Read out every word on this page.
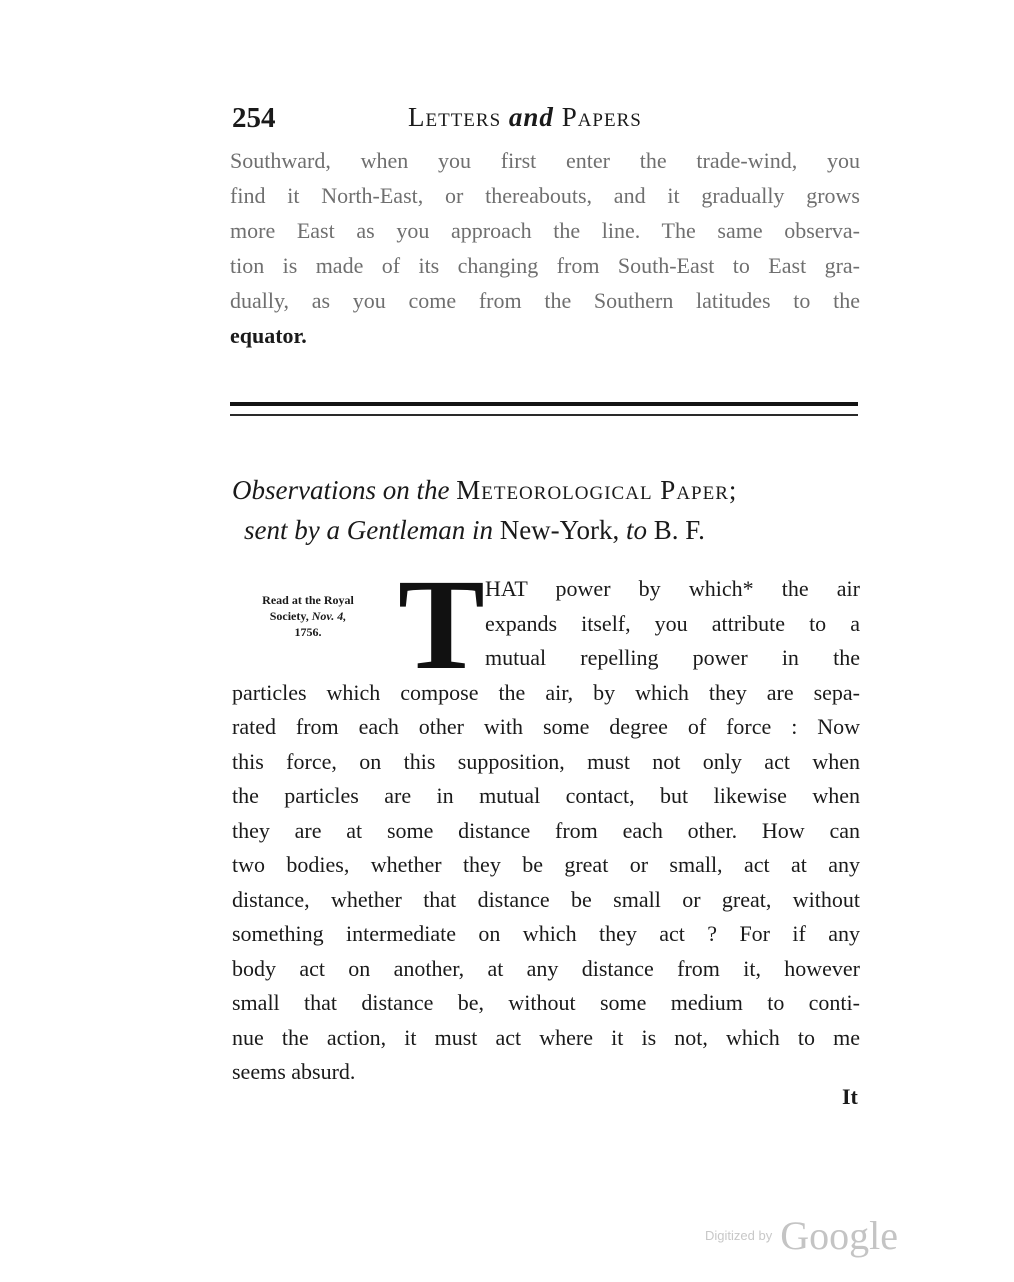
254	Letters and Papers
Southward, when you first enter the trade-wind, you
find it North-East, or thereabouts, and it gradually grows
more East as you approach the line. The same observa-
tion is made of its changing from South-East to East gra-
dually, as you come from the Southern latitudes to the
equator.
Observations on the Meteorological Paper;
sent by a Gentleman in New-York, to B. F.
Read at the Royal
Society, Nov. 4,
1756. T HAT power by which* the air
expands itself, you attribute to a
mutual repelling power in the
particles which compose the air, by which they are sepa-
rated from each other with some degree of force : Now
this force, on this supposition, must not only act when
the particles are in mutual contact, but likewise when
they are at some distance from each other. How can
two bodies, whether they be great or small, act at any
distance, whether that distance be small or great, without
something intermediate on which they act ? For if any
body act on another, at any distance from it, however
small that distance be, without some medium to conti-
nue the action, it must act where it is not, which to me
seems absurd.
It
Digitized by Google
